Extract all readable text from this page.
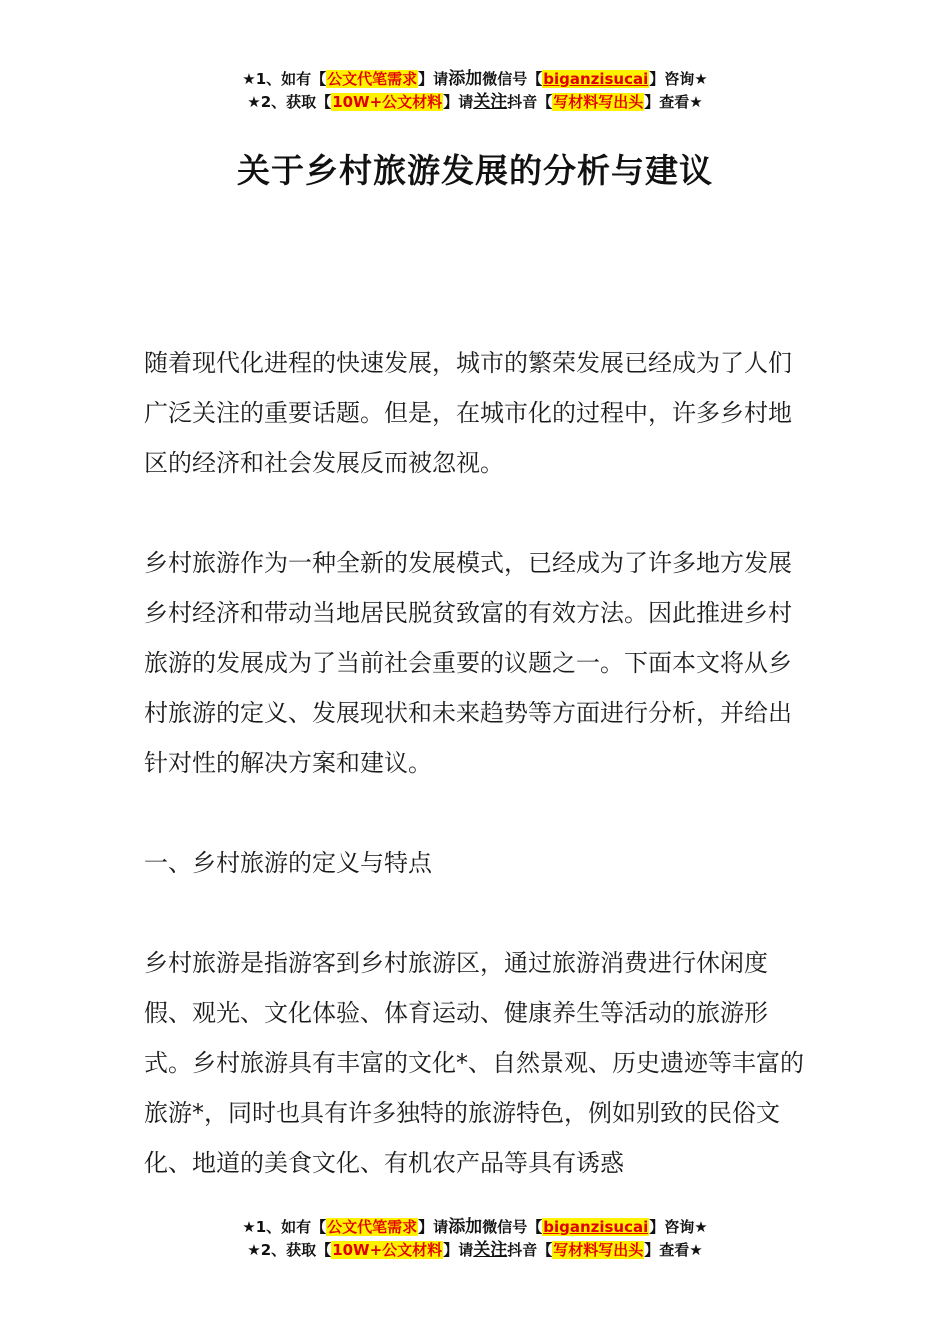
★1、如有【公文代笔需求】请添加微信号【biganzisucai】咨询★
★2、获取【10W+公文材料】请关注抖音【写材料写出头】查看★
关于乡村旅游发展的分析与建议

随着现代化进程的快速发展，城市的繁荣发展已经成为了人们广泛关注的重要话题。但是，在城市化的过程中，许多乡村地区的经济和社会发展反而被忽视。

乡村旅游作为一种全新的发展模式，已经成为了许多地方发展乡村经济和带动当地居民脱贫致富的有效方法。因此推进乡村旅游的发展成为了当前社会重要的议题之一。下面本文将从乡村旅游的定义、发展现状和未来趋势等方面进行分析，并给出针对性的解决方案和建议。

一、乡村旅游的定义与特点

乡村旅游是指游客到乡村旅游区，通过旅游消费进行休闲度假、观光、文化体验、体育运动、健康养生等活动的旅游形式。乡村旅游具有丰富的文化*、自然景观、历史遗迹等丰富的旅游*，同时也具有许多独特的旅游特色，例如别致的民俗文化、地道的美食文化、有机农产品等具有诱惑

★1、如有【公文代笔需求】请添加微信号【biganzisucai】咨询★
★2、获取【10W+公文材料】请关注抖音【写材料写出头】查看★
